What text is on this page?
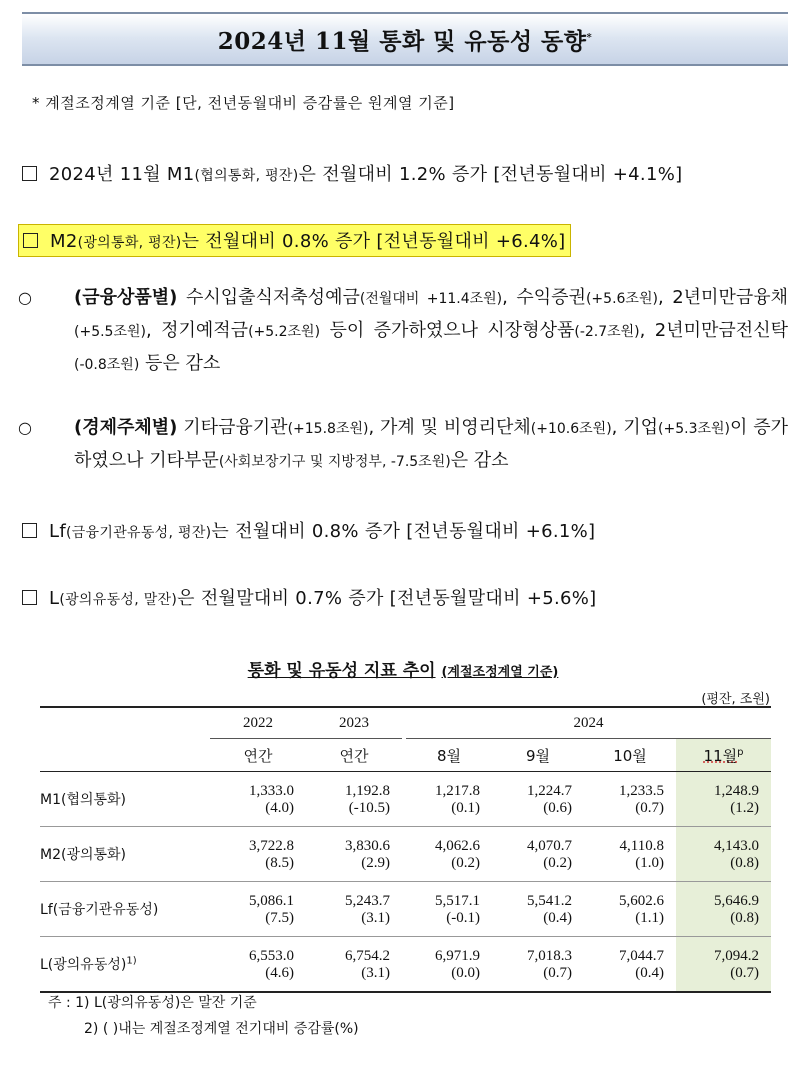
2024년 11월 통화 및 유동성 동향*
* 계절조정계열 기준 [단, 전년동월대비 증감률은 원계열 기준]
2024년 11월 M1(협의통화, 평잔)은 전월대비 1.2% 증가 [전년동월대비 +4.1%]
M2(광의통화, 평잔)는 전월대비 0.8% 증가 [전년동월대비 +6.4%]
○ (금융상품별) 수시입출식저축성예금(전월대비 +11.4조원), 수익증권(+5.6조원), 2년미만금융채(+5.5조원), 정기예적금(+5.2조원) 등이 증가하였으나 시장형상품(-2.7조원), 2년미만금전신탁(-0.8조원) 등은 감소
○ (경제주체별) 기타금융기관(+15.8조원), 가계 및 비영리단체(+10.6조원), 기업(+5.3조원)이 증가하였으나 기타부문(사회보장기구 및 지방정부, -7.5조원)은 감소
Lf(금융기관유동성, 평잔)는 전월대비 0.8% 증가 [전년동월대비 +6.1%]
L(광의유동성, 말잔)은 전월말대비 0.7% 증가 [전년동월말대비 +5.6%]
통화 및 유동성 지표 추이 (계절조정계열 기준)
(평잔, 조원)
	2022	2023		2024			
	연간	연간		8월	9월	10월	11월$^p$
M1(협의통화)	1,333.0	1,192.8		1,217.8	1,224.7	1,233.5	1,248.9
	(4.0)	(-10.5)		(0.1)	(0.6)	(0.7)	(1.2)
M2(광의통화)	3,722.8	3,830.6		4,062.6	4,070.7	4,110.8	4,143.0
	(8.5)	(2.9)		(0.2)	(0.2)	(1.0)	(0.8)
Lf(금융기관유동성)	5,086.1	5,243.7		5,517.1	5,541.2	5,602.6	5,646.9
	(7.5)	(3.1)		(-0.1)	(0.4)	(1.1)	(0.8)
L(광의유동성)$^{1)}$	6,553.0	6,754.2		6,971.9	7,018.3	7,044.7	7,094.2
	(4.6)	(3.1)		(0.0)	(0.7)	(0.4)	(0.7)
주 : 1) L(광의유동성)은 말잔 기준
2) ( )내는 계절조정계열 전기대비 증감률(%)
